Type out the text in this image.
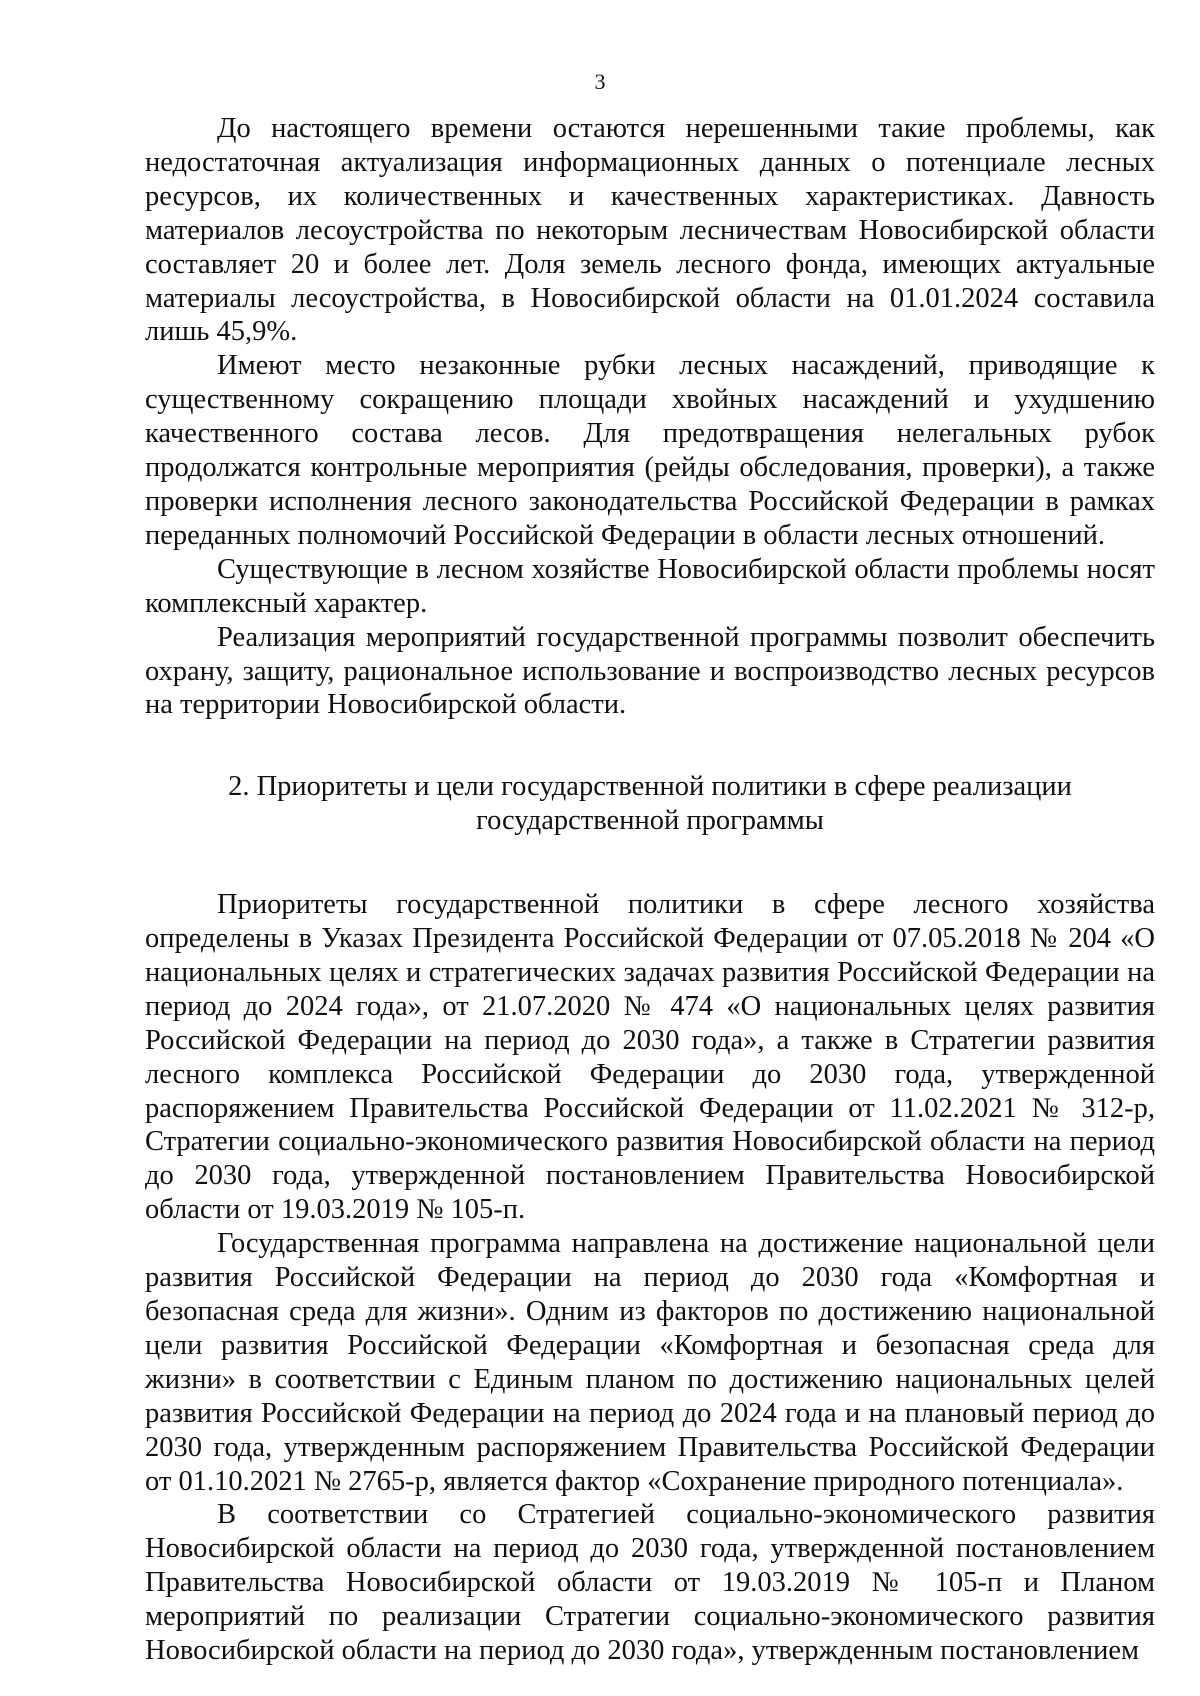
3

До настоящего времени остаются нерешенными такие проблемы, как недостаточная актуализация информационных данных о потенциале лесных ресурсов, их количественных и качественных характеристиках. Давность материалов лесоустройства по некоторым лесничествам Новосибирской области составляет 20 и более лет. Доля земель лесного фонда, имеющих актуальные материалы лесоустройства, в Новосибирской области на 01.01.2024 составила лишь 45,9%.

Имеют место незаконные рубки лесных насаждений, приводящие к существенному сокращению площади хвойных насаждений и ухудшению качественного состава лесов. Для предотвращения нелегальных рубок продолжатся контрольные мероприятия (рейды обследования, проверки), а также проверки исполнения лесного законодательства Российской Федерации в рамках переданных полномочий Российской Федерации в области лесных отношений.

Существующие в лесном хозяйстве Новосибирской области проблемы носят комплексный характер.

Реализация мероприятий государственной программы позволит обеспечить охрану, защиту, рациональное использование и воспроизводство лесных ресурсов на территории Новосибирской области.

2. Приоритеты и цели государственной политики в сфере реализации

государственной программы

Приоритеты государственной политики в сфере лесного хозяйства определены в Указах Президента Российской Федерации от 07.05.2018 № 204 «О национальных целях и стратегических задачах развития Российской Федерации на период до 2024 года», от 21.07.2020 № 474 «О национальных целях развития Российской Федерации на период до 2030 года», а также в Стратегии развития лесного комплекса Российской Федерации до 2030 года, утвержденной распоряжением Правительства Российской Федерации от 11.02.2021 № 312-р, Стратегии социально-экономического развития Новосибирской области на период до 2030 года, утвержденной постановлением Правительства Новосибирской области от 19.03.2019 № 105-п.

Государственная программа направлена на достижение национальной цели развития Российской Федерации на период до 2030 года «Комфортная и безопасная среда для жизни». Одним из факторов по достижению национальной цели развития Российской Федерации «Комфортная и безопасная среда для жизни» в соответствии с Единым планом по достижению национальных целей развития Российской Федерации на период до 2024 года и на плановый период до 2030 года, утвержденным распоряжением Правительства Российской Федерации от 01.10.2021 № 2765-р, является фактор «Сохранение природного потенциала».

В соответствии со Стратегией социально-экономического развития Новосибирской области на период до 2030 года, утвержденной постановлением Правительства Новосибирской области от 19.03.2019 № 105-п и Планом мероприятий по реализации Стратегии социально-экономического развития Новосибирской области на период до 2030 года», утвержденным постановлением
